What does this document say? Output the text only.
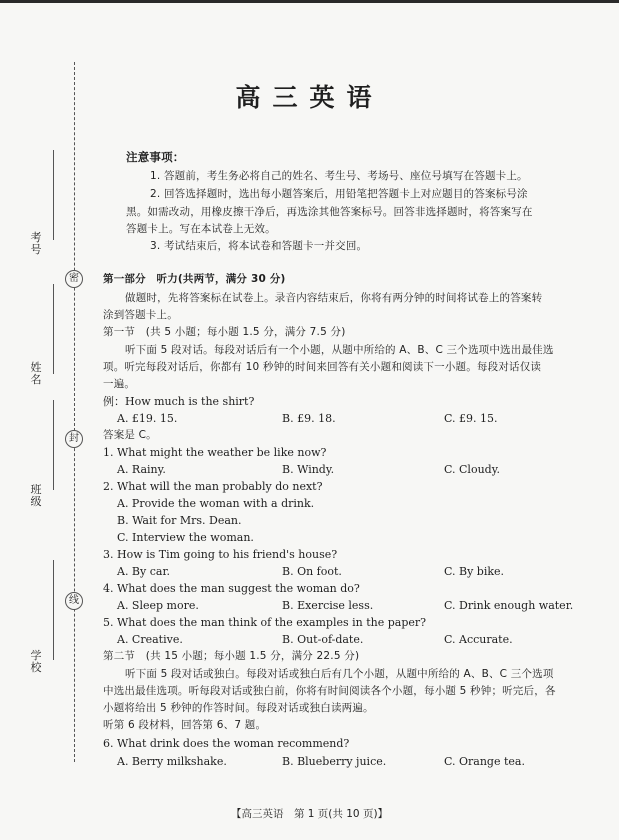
密
封
线
考号
姓名
班级
学校
高三英语
注意事项：
1. 答题前，考生务必将自己的姓名、考生号、考场号、座位号填写在答题卡上。
2. 回答选择题时，选出每小题答案后，用铅笔把答题卡上对应题目的答案标号涂
黑。如需改动，用橡皮擦干净后，再选涂其他答案标号。回答非选择题时，将答案写在
答题卡上。写在本试卷上无效。
3. 考试结束后，将本试卷和答题卡一并交回。
第一部分　听力(共两节，满分 30 分)
做题时，先将答案标在试卷上。录音内容结束后，你将有两分钟的时间将试卷上的答案转
涂到答题卡上。
第一节　(共 5 小题；每小题 1.5 分，满分 7.5 分)
听下面 5 段对话。每段对话后有一个小题，从题中所给的 A、B、C 三个选项中选出最佳选
项。听完每段对话后，你都有 10 秒钟的时间来回答有关小题和阅读下一小题。每段对话仅读
一遍。
例：How much is the shirt?
A. £19. 15.	B. £9. 18.	C. £9. 15.
答案是 C。
1. What might the weather be like now?
A. Rainy.	B. Windy.	C. Cloudy.
2. What will the man probably do next?
A. Provide the woman with a drink.
B. Wait for Mrs. Dean.
C. Interview the woman.
3. How is Tim going to his friend's house?
A. By car.	B. On foot.	C. By bike.
4. What does the man suggest the woman do?
A. Sleep more.	B. Exercise less.	C. Drink enough water.
5. What does the man think of the examples in the paper?
A. Creative.	B. Out-of-date.	C. Accurate.
第二节　(共 15 小题；每小题 1.5 分，满分 22.5 分)
听下面 5 段对话或独白。每段对话或独白后有几个小题，从题中所给的 A、B、C 三个选项
中选出最佳选项。听每段对话或独白前，你将有时间阅读各个小题，每小题 5 秒钟；听完后，各
小题将给出 5 秒钟的作答时间。每段对话或独白读两遍。
听第 6 段材料，回答第 6、7 题。
6. What drink does the woman recommend?
A. Berry milkshake.	B. Blueberry juice.	C. Orange tea.
【高三英语　第 1 页(共 10 页)】
